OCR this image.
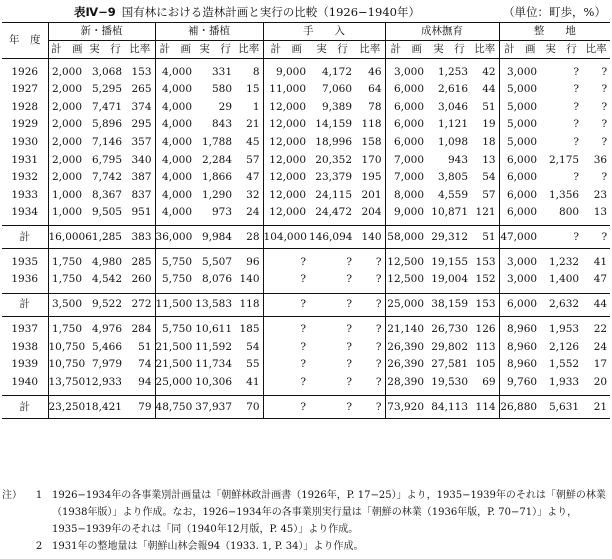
表Ⅳ−9 国有林における造林計画と実行の比較（1926−1940年）	（単位：町歩，%）
年　度	新・播植			補・播植			手　　入			成林撫育			整　　地		
	計　画	実　行	比率	計　画	実　行	比率	計　画	実　行	比率	計　画	実　行	比率	計　画	実　行	比率
1926	2,000	3,068	153	4,000	331	8	9,000	4,172	46	3,000	1,253	42	3,000	?	?
1927	2,000	5,295	265	4,000	580	15	11,000	7,060	64	6,000	2,616	44	5,000	?	?
1928	2,000	7,471	374	4,000	29	1	12,000	9,389	78	6,000	3,046	51	5,000	?	?
1929	2,000	5,896	295	4,000	843	21	12,000	14,159	118	6,000	1,121	19	5,000	?	?
1930	2,000	7,146	357	4,000	1,788	45	12,000	18,996	158	6,000	1,098	18	5,000	?	?
1931	2,000	6,795	340	4,000	2,284	57	12,000	20,352	170	7,000	943	13	6,000	2,175	36
1932	2,000	7,742	387	4,000	1,866	47	12,000	23,379	195	7,000	3,805	54	6,000	?	?
1933	1,000	8,367	837	4,000	1,290	32	12,000	24,115	201	8,000	4,559	57	6,000	1,356	23
1934	1,000	9,505	951	4,000	973	24	12,000	24,472	204	9,000	10,871	121	6,000	800	13
計	16,000	61,285	383	36,000	9,984	28	104,000	146,094	140	58,000	29,312	51	47,000	?	?
1935	1,750	4,980	285	5,750	5,507	96	?	?	?	12,500	19,155	153	3,000	1,232	41
1936	1,750	4,542	260	5,750	8,076	140	?	?	?	12,500	19,004	152	3,000	1,400	47
計	3,500	9,522	272	11,500	13,583	118	?	?	?	25,000	38,159	153	6,000	2,632	44
1937	1,750	4,976	284	5,750	10,611	185	?	?	?	21,140	26,730	126	8,960	1,953	22
1938	10,750	5,466	51	21,500	11,592	54	?	?	?	26,390	29,802	113	8,960	2,126	24
1939	10,750	7,979	74	21,500	11,734	55	?	?	?	26,390	27,581	105	8,960	1,552	17
1940	13,750	12,933	94	25,000	10,306	41	?	?	?	28,390	19,530	69	9,760	1,933	20
計	23,250	18,421	79	48,750	37,937	70	?	?	?	73,920	84,113	114	26,880	5,631	21
注）	1 1926−1934年の各事業別計画量は「朝鮮林政計画書（1926年，P. 17−25）」より，1935−1939年のそれは「朝鮮の林業（1938年版）」より作成。なお，1926−1934年の各事業別実行量は「朝鮮の林業（1936年版，P. 70−71）」より，1935−1939年のそれは「同（1940年12月版，P. 45）」より作成。
2 1931年の整地量は「朝鮮山林会報94（1933. 1, P. 34）」より作成。
